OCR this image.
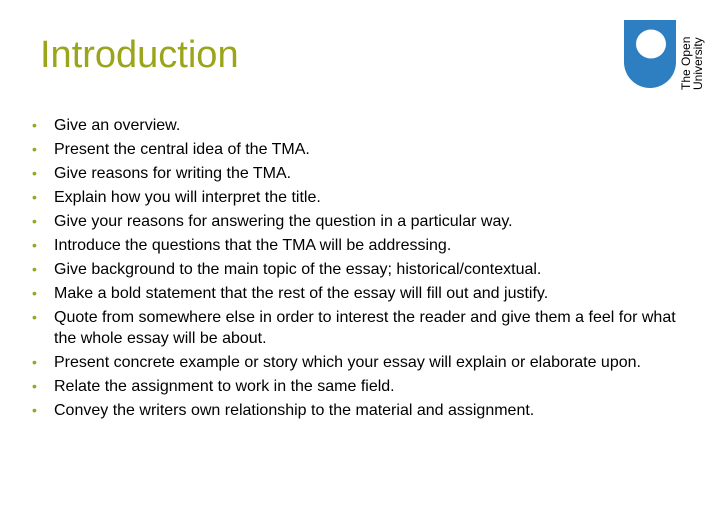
Introduction	The Open
University
• Give an overview.
• Present the central idea of the TMA.
• Give reasons for writing the TMA.
• Explain how you will interpret the title.
• Give your reasons for answering the question in a particular way.
• Introduce the questions that the TMA will be addressing.
• Give background to the main topic of the essay; historical/contextual.
• Make a bold statement that the rest of the essay will fill out and justify.
• Quote from somewhere else in order to interest the reader and give them a feel for what the whole essay will be about.
• Present concrete example or story which your essay will explain or elaborate upon.
• Relate the assignment to work in the same field.
• Convey the writers own relationship to the material and assignment.
